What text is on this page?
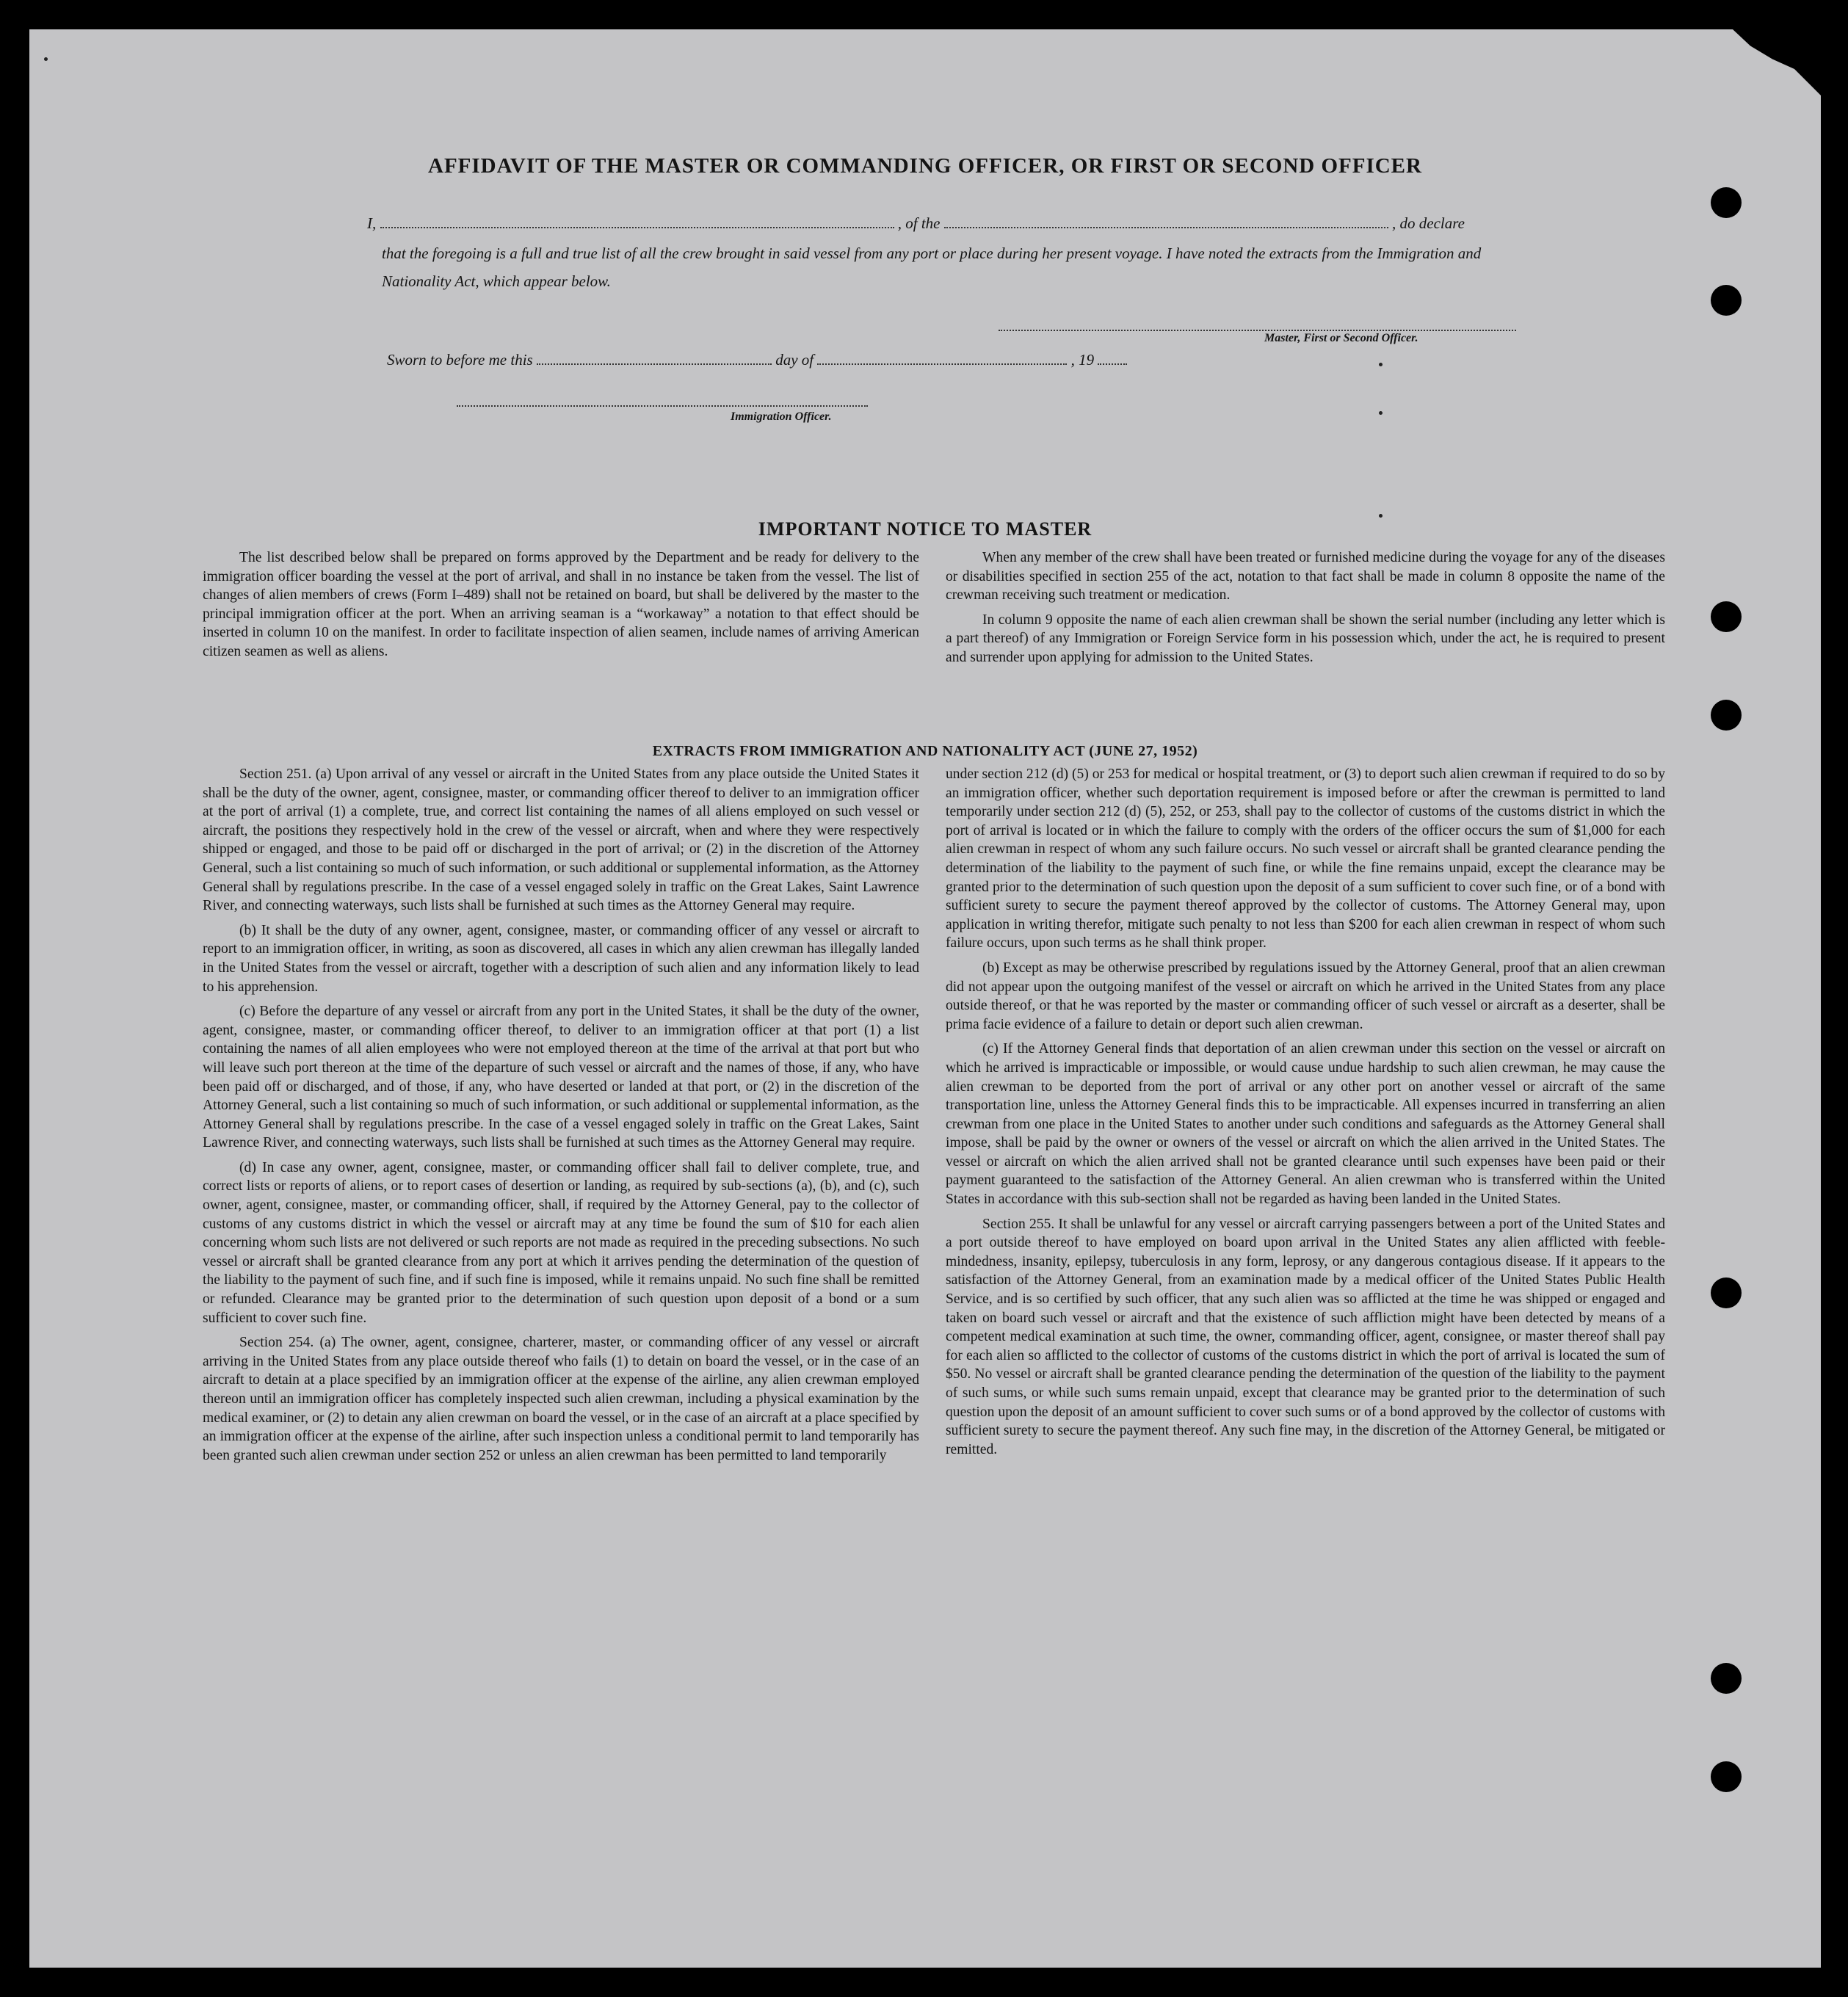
AFFIDAVIT OF THE MASTER OR COMMANDING OFFICER, OR FIRST OR SECOND OFFICER
I,	, of the	, do declare
that the foregoing is a full and true list of all the crew brought in said vessel from any port or place during her present voyage. I have noted the extracts from the Immigration and Nationality Act, which appear below.
Master, First or Second Officer.
Sworn to before me this	day of	, 19
Immigration Officer.
IMPORTANT NOTICE TO MASTER

The list described below shall be prepared on forms approved by the Department and be ready for delivery to the immigration officer boarding the vessel at the port of arrival, and shall in no instance be taken from the vessel. The list of changes of alien members of crews (Form I–489) shall not be retained on board, but shall be delivered by the master to the principal immigration officer at the port. When an arriving seaman is a “workaway” a notation to that effect should be inserted in column 10 on the manifest. In order to facilitate inspection of alien seamen, include names of arriving American citizen seamen as well as aliens.

When any member of the crew shall have been treated or furnished medicine during the voyage for any of the diseases or disabilities specified in section 255 of the act, notation to that fact shall be made in column 8 opposite the name of the crewman receiving such treatment or medication.

In column 9 opposite the name of each alien crewman shall be shown the serial number (including any letter which is a part thereof) of any Immigration or Foreign Service form in his possession which, under the act, he is required to present and surrender upon applying for admission to the United States.

EXTRACTS FROM IMMIGRATION AND NATIONALITY ACT (JUNE 27, 1952)

Section 251. (a) Upon arrival of any vessel or aircraft in the United States from any place outside the United States it shall be the duty of the owner, agent, consignee, master, or commanding officer thereof to deliver to an immigration officer at the port of arrival (1) a complete, true, and correct list containing the names of all aliens employed on such vessel or aircraft, the positions they respectively hold in the crew of the vessel or aircraft, when and where they were respectively shipped or engaged, and those to be paid off or discharged in the port of arrival; or (2) in the discretion of the Attorney General, such a list containing so much of such information, or such additional or supplemental information, as the Attorney General shall by regulations prescribe. In the case of a vessel engaged solely in traffic on the Great Lakes, Saint Lawrence River, and connecting waterways, such lists shall be furnished at such times as the Attorney General may require.

(b) It shall be the duty of any owner, agent, consignee, master, or commanding officer of any vessel or aircraft to report to an immigration officer, in writing, as soon as discovered, all cases in which any alien crewman has illegally landed in the United States from the vessel or aircraft, together with a description of such alien and any information likely to lead to his apprehension.

(c) Before the departure of any vessel or aircraft from any port in the United States, it shall be the duty of the owner, agent, consignee, master, or commanding officer thereof, to deliver to an immigration officer at that port (1) a list containing the names of all alien employees who were not employed thereon at the time of the arrival at that port but who will leave such port thereon at the time of the departure of such vessel or aircraft and the names of those, if any, who have been paid off or discharged, and of those, if any, who have deserted or landed at that port, or (2) in the discretion of the Attorney General, such a list containing so much of such information, or such additional or supplemental information, as the Attorney General shall by regulations prescribe. In the case of a vessel engaged solely in traffic on the Great Lakes, Saint Lawrence River, and connecting waterways, such lists shall be furnished at such times as the Attorney General may require.

(d) In case any owner, agent, consignee, master, or commanding officer shall fail to deliver complete, true, and correct lists or reports of aliens, or to report cases of desertion or landing, as required by sub-sections (a), (b), and (c), such owner, agent, consignee, master, or commanding officer, shall, if required by the Attorney General, pay to the collector of customs of any customs district in which the vessel or aircraft may at any time be found the sum of $10 for each alien concerning whom such lists are not delivered or such reports are not made as required in the preceding subsections. No such vessel or aircraft shall be granted clearance from any port at which it arrives pending the determination of the question of the liability to the payment of such fine, and if such fine is imposed, while it remains unpaid. No such fine shall be remitted or refunded. Clearance may be granted prior to the determination of such question upon deposit of a bond or a sum sufficient to cover such fine.

Section 254. (a) The owner, agent, consignee, charterer, master, or commanding officer of any vessel or aircraft arriving in the United States from any place outside thereof who fails (1) to detain on board the vessel, or in the case of an aircraft to detain at a place specified by an immigration officer at the expense of the airline, any alien crewman employed thereon until an immigration officer has completely inspected such alien crewman, including a physical examination by the medical examiner, or (2) to detain any alien crewman on board the vessel, or in the case of an aircraft at a place specified by an immigration officer at the expense of the airline, after such inspection unless a conditional permit to land temporarily has been granted such alien crewman under section 252 or unless an alien crewman has been permitted to land temporarily

under section 212 (d) (5) or 253 for medical or hospital treatment, or (3) to deport such alien crewman if required to do so by an immigration officer, whether such deportation requirement is imposed before or after the crewman is permitted to land temporarily under section 212 (d) (5), 252, or 253, shall pay to the collector of customs of the customs district in which the port of arrival is located or in which the failure to comply with the orders of the officer occurs the sum of $1,000 for each alien crewman in respect of whom any such failure occurs. No such vessel or aircraft shall be granted clearance pending the determination of the liability to the payment of such fine, or while the fine remains unpaid, except the clearance may be granted prior to the determination of such question upon the deposit of a sum sufficient to cover such fine, or of a bond with sufficient surety to secure the payment thereof approved by the collector of customs. The Attorney General may, upon application in writing therefor, mitigate such penalty to not less than $200 for each alien crewman in respect of whom such failure occurs, upon such terms as he shall think proper.

(b) Except as may be otherwise prescribed by regulations issued by the Attorney General, proof that an alien crewman did not appear upon the outgoing manifest of the vessel or aircraft on which he arrived in the United States from any place outside thereof, or that he was reported by the master or commanding officer of such vessel or aircraft as a deserter, shall be prima facie evidence of a failure to detain or deport such alien crewman.

(c) If the Attorney General finds that deportation of an alien crewman under this section on the vessel or aircraft on which he arrived is impracticable or impossible, or would cause undue hardship to such alien crewman, he may cause the alien crewman to be deported from the port of arrival or any other port on another vessel or aircraft of the same transportation line, unless the Attorney General finds this to be impracticable. All expenses incurred in transferring an alien crewman from one place in the United States to another under such conditions and safeguards as the Attorney General shall impose, shall be paid by the owner or owners of the vessel or aircraft on which the alien arrived in the United States. The vessel or aircraft on which the alien arrived shall not be granted clearance until such expenses have been paid or their payment guaranteed to the satisfaction of the Attorney General. An alien crewman who is transferred within the United States in accordance with this sub-section shall not be regarded as having been landed in the United States.

Section 255. It shall be unlawful for any vessel or aircraft carrying passengers between a port of the United States and a port outside thereof to have employed on board upon arrival in the United States any alien afflicted with feeble-mindedness, insanity, epilepsy, tuberculosis in any form, leprosy, or any dangerous contagious disease. If it appears to the satisfaction of the Attorney General, from an examination made by a medical officer of the United States Public Health Service, and is so certified by such officer, that any such alien was so afflicted at the time he was shipped or engaged and taken on board such vessel or aircraft and that the existence of such affliction might have been detected by means of a competent medical examination at such time, the owner, commanding officer, agent, consignee, or master thereof shall pay for each alien so afflicted to the collector of customs of the customs district in which the port of arrival is located the sum of $50. No vessel or aircraft shall be granted clearance pending the determination of the question of the liability to the payment of such sums, or while such sums remain unpaid, except that clearance may be granted prior to the determination of such question upon the deposit of an amount sufficient to cover such sums or of a bond approved by the collector of customs with sufficient surety to secure the payment thereof. Any such fine may, in the discretion of the Attorney General, be mitigated or remitted.
